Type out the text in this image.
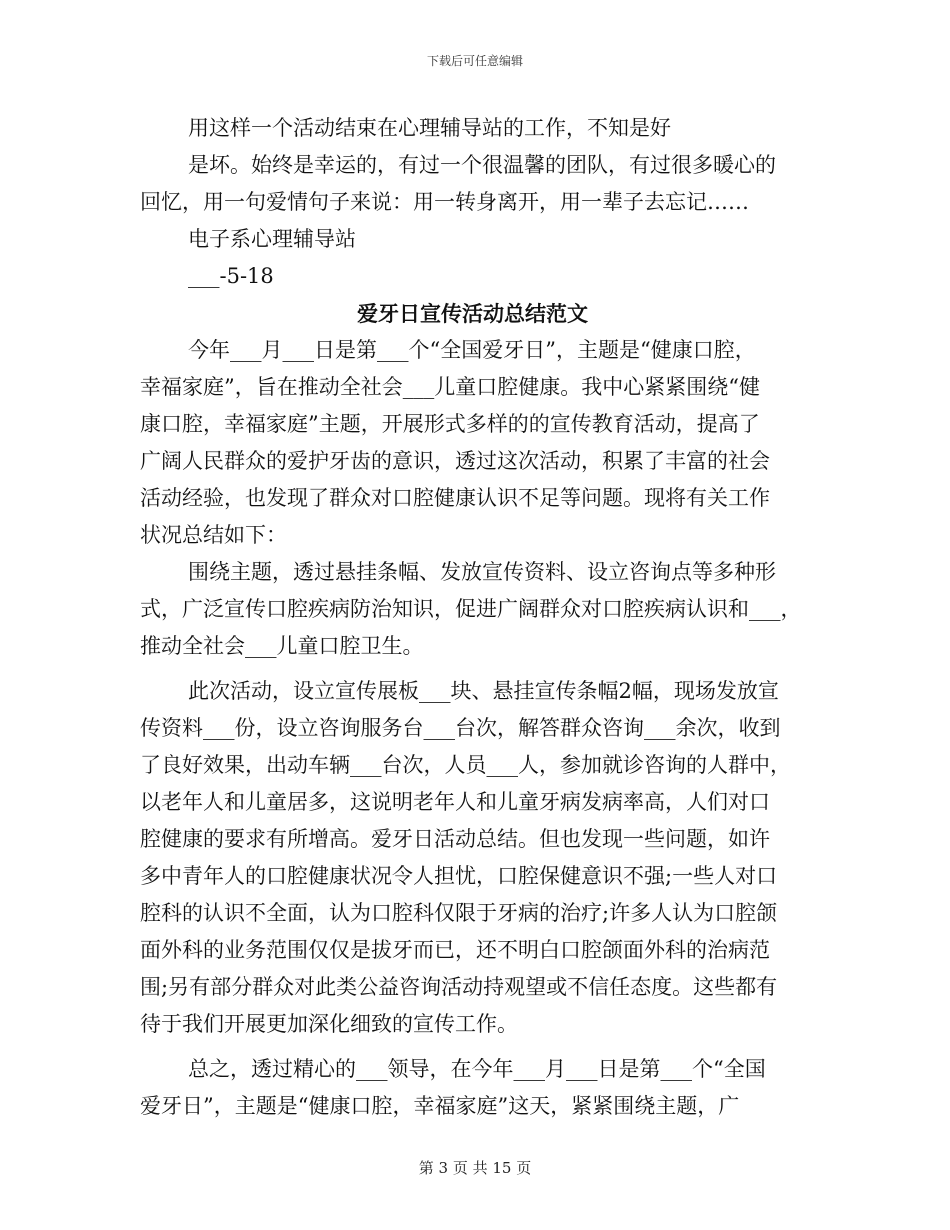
下载后可任意编辑
用这样一个活动结束在心理辅导站的工作，不知是好
是坏。始终是幸运的，有过一个很温馨的团队，有过很多暖心的
回忆，用一句爱情句子来说：用一转身离开，用一辈子去忘记……
电子系心理辅导站
___-5-18
爱牙日宣传活动总结范文
今年___月___日是第___个“全国爱牙日”，主题是“健康口腔，
幸福家庭”，旨在推动全社会___儿童口腔健康。我中心紧紧围绕“健
康口腔，幸福家庭”主题，开展形式多样的的宣传教育活动，提高了
广阔人民群众的爱护牙齿的意识，透过这次活动，积累了丰富的社会
活动经验，也发现了群众对口腔健康认识不足等问题。现将有关工作
状况总结如下：
围绕主题，透过悬挂条幅、发放宣传资料、设立咨询点等多种形
式，广泛宣传口腔疾病防治知识，促进广阔群众对口腔疾病认识和___，
推动全社会___儿童口腔卫生。
此次活动，设立宣传展板___块、悬挂宣传条幅2幅，现场发放宣
传资料___份，设立咨询服务台___台次，解答群众咨询___余次，收到
了良好效果，出动车辆___台次，人员___人，参加就诊咨询的人群中，
以老年人和儿童居多，这说明老年人和儿童牙病发病率高，人们对口
腔健康的要求有所增高。爱牙日活动总结。但也发现一些问题，如许
多中青年人的口腔健康状况令人担忧，口腔保健意识不强;一些人对口
腔科的认识不全面，认为口腔科仅限于牙病的治疗;许多人认为口腔颌
面外科的业务范围仅仅是拔牙而已，还不明白口腔颌面外科的治病范
围;另有部分群众对此类公益咨询活动持观望或不信任态度。这些都有
待于我们开展更加深化细致的宣传工作。
总之，透过精心的___领导，在今年___月___日是第___个“全国
爱牙日”，主题是“健康口腔，幸福家庭”这天，紧紧围绕主题，广
第 3 页 共 15 页
